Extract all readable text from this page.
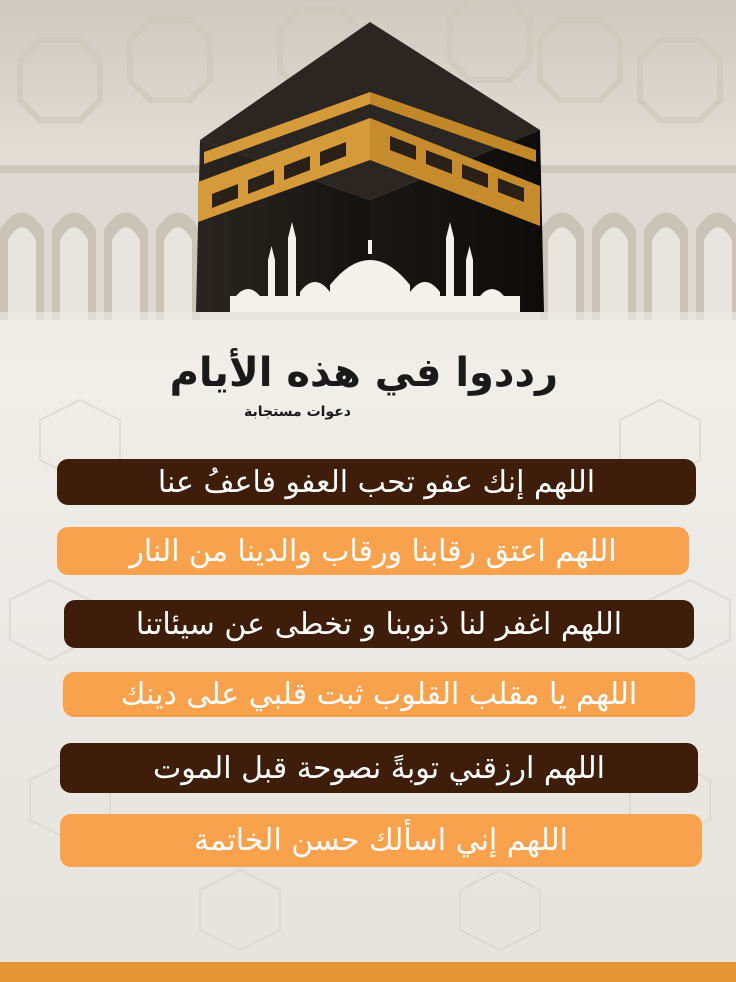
رددوا في هذه الأيام
دعوات مستجابة
اللهم إنك عفو تحب العفو فاعفُ عنا
اللهم اعتق رقابنا ورقاب والدينا من النار
اللهم اغفر لنا ذنوبنا و تخطى عن سيئاتنا
اللهم يا مقلب القلوب ثبت قلبي على دينك
اللهم ارزقني توبةً نصوحة قبل الموت
اللهم إني اسألك حسن الخاتمة
